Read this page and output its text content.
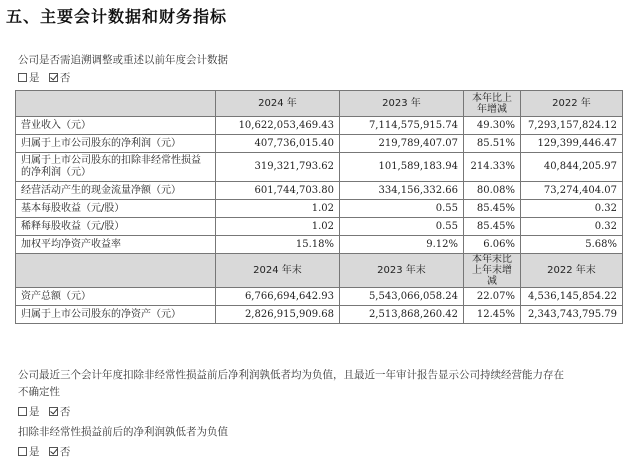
五、主要会计数据和财务指标
公司是否需追溯调整或重述以前年度会计数据
是 否
	2024 年	2023 年	本年比上年增减	2022 年
营业收入（元）	10,622,053,469.43	7,114,575,915.74	49.30%	7,293,157,824.12
归属于上市公司股东的净利润（元）	407,736,015.40	219,789,407.07	85.51%	129,399,446.47
归属于上市公司股东的扣除非经常性损益的净利润（元）	319,321,793.62	101,589,183.94	214.33%	40,844,205.97
经营活动产生的现金流量净额（元）	601,744,703.80	334,156,332.66	80.08%	73,274,404.07
基本每股收益（元/股）	1.02	0.55	85.45%	0.32
稀释每股收益（元/股）	1.02	0.55	85.45%	0.32
加权平均净资产收益率	15.18%	9.12%	6.06%	5.68%
	2024 年末	2023 年末	本年末比上年末增减	2022 年末
资产总额（元）	6,766,694,642.93	5,543,066,058.24	22.07%	4,536,145,854.22
归属于上市公司股东的净资产（元）	2,826,915,909.68	2,513,868,260.42	12.45%	2,343,743,795.79
公司最近三个会计年度扣除非经常性损益前后净利润孰低者均为负值，且最近一年审计报告显示公司持续经营能力存在
不确定性
是 否
扣除非经常性损益前后的净利润孰低者为负值
是 否
